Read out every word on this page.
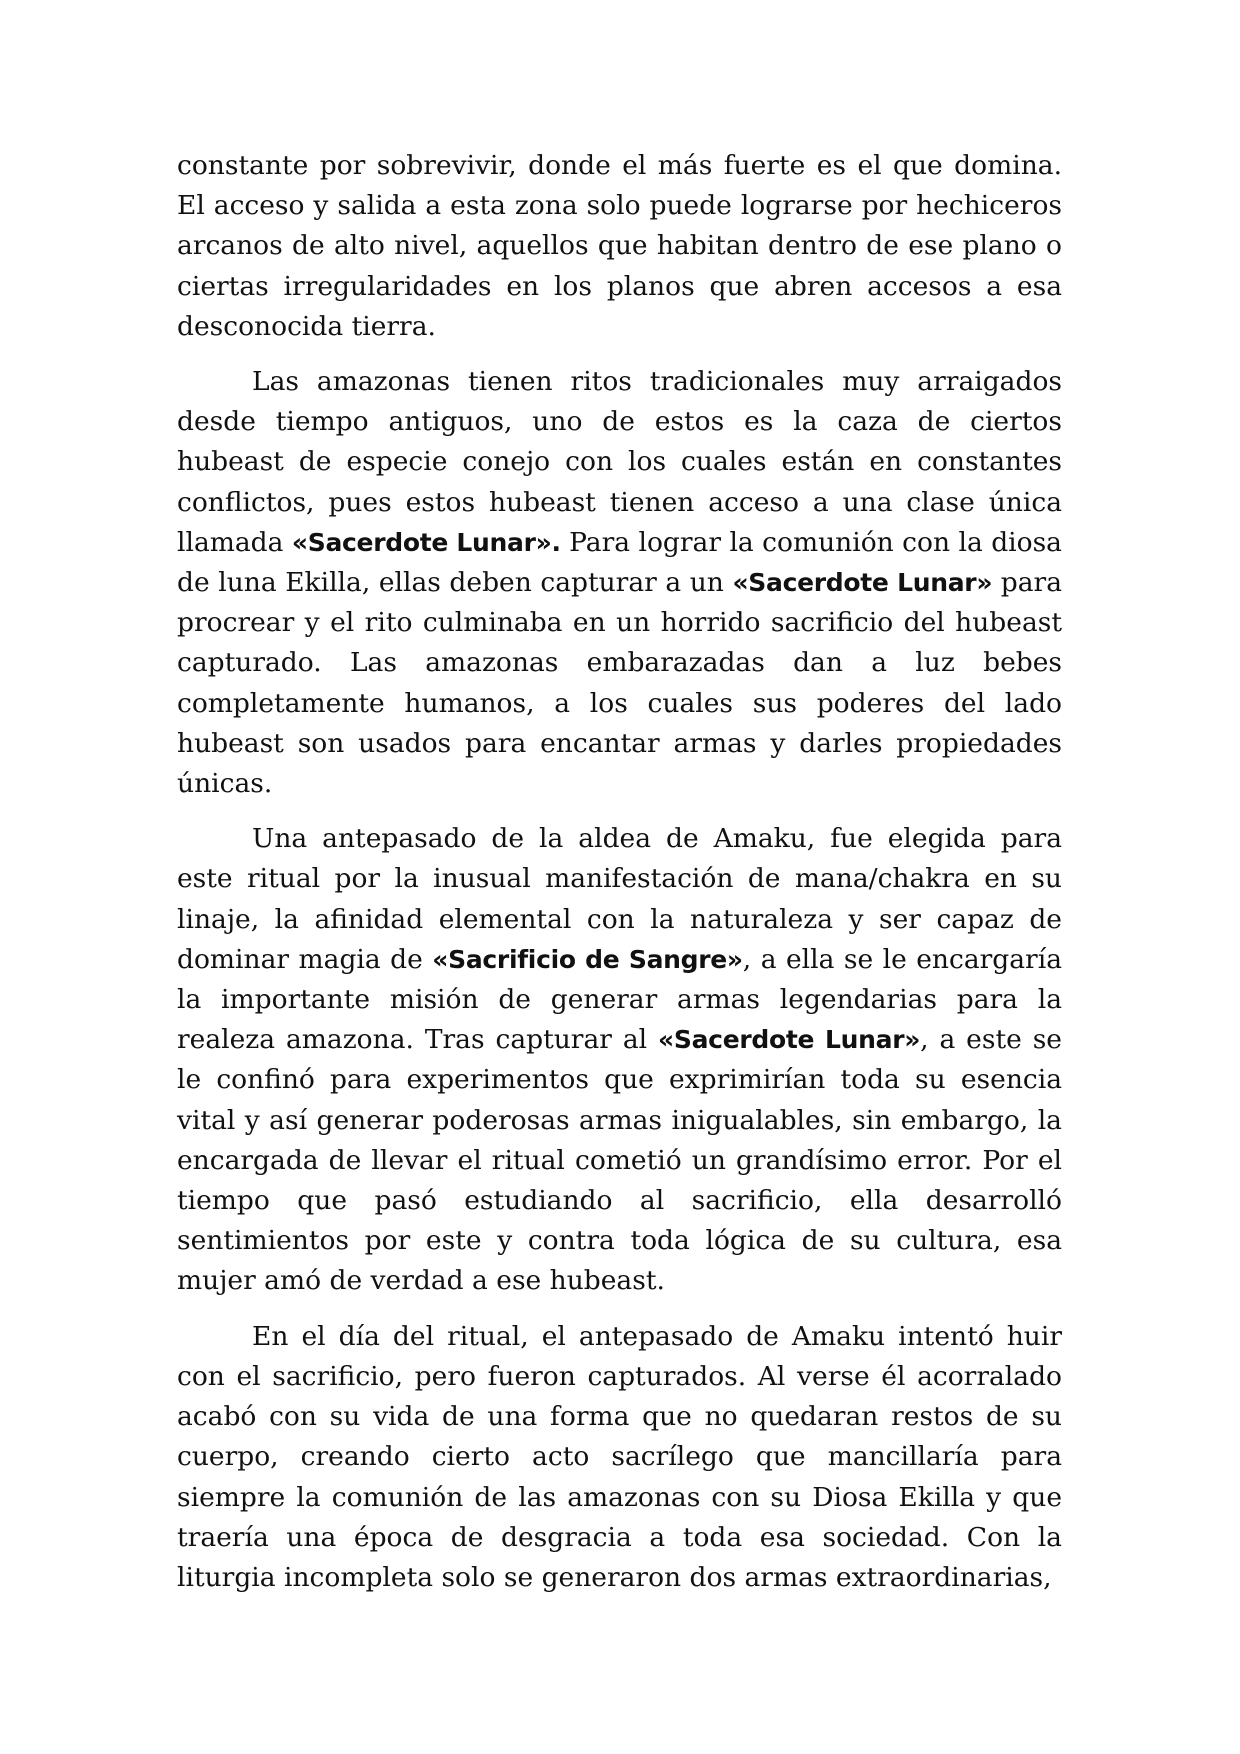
constante por sobrevivir, donde el más fuerte es el que domina. El acceso y salida a esta zona solo puede lograrse por hechiceros arcanos de alto nivel, aquellos que habitan dentro de ese plano o ciertas irregularidades en los planos que abren accesos a esa desconocida tierra.

Las amazonas tienen ritos tradicionales muy arraigados desde tiempo antiguos, uno de estos es la caza de ciertos hubeast de especie conejo con los cuales están en constantes conflictos, pues estos hubeast tienen acceso a una clase única llamada «Sacerdote Lunar». Para lograr la comunión con la diosa de luna Ekilla, ellas deben capturar a un «Sacerdote Lunar» para procrear y el rito culminaba en un horrido sacrificio del hubeast capturado. Las amazonas embarazadas dan a luz bebes completamente humanos, a los cuales sus poderes del lado hubeast son usados para encantar armas y darles propiedades únicas.

Una antepasado de la aldea de Amaku, fue elegida para este ritual por la inusual manifestación de mana/chakra en su linaje, la afinidad elemental con la naturaleza y ser capaz de dominar magia de «Sacrificio de Sangre», a ella se le encargaría la importante misión de generar armas legendarias para la realeza amazona. Tras capturar al «Sacerdote Lunar», a este se le confinó para experimentos que exprimirían toda su esencia vital y así generar poderosas armas inigualables, sin embargo, la encargada de llevar el ritual cometió un grandísimo error. Por el tiempo que pasó estudiando al sacrificio, ella desarrolló sentimientos por este y contra toda lógica de su cultura, esa mujer amó de verdad a ese hubeast.

En el día del ritual, el antepasado de Amaku intentó huir con el sacrificio, pero fueron capturados. Al verse él acorralado acabó con su vida de una forma que no quedaran restos de su cuerpo, creando cierto acto sacrílego que mancillaría para siempre la comunión de las amazonas con su Diosa Ekilla y que traería una época de desgracia a toda esa sociedad. Con la liturgia incompleta solo se generaron dos armas extraordinarias,
